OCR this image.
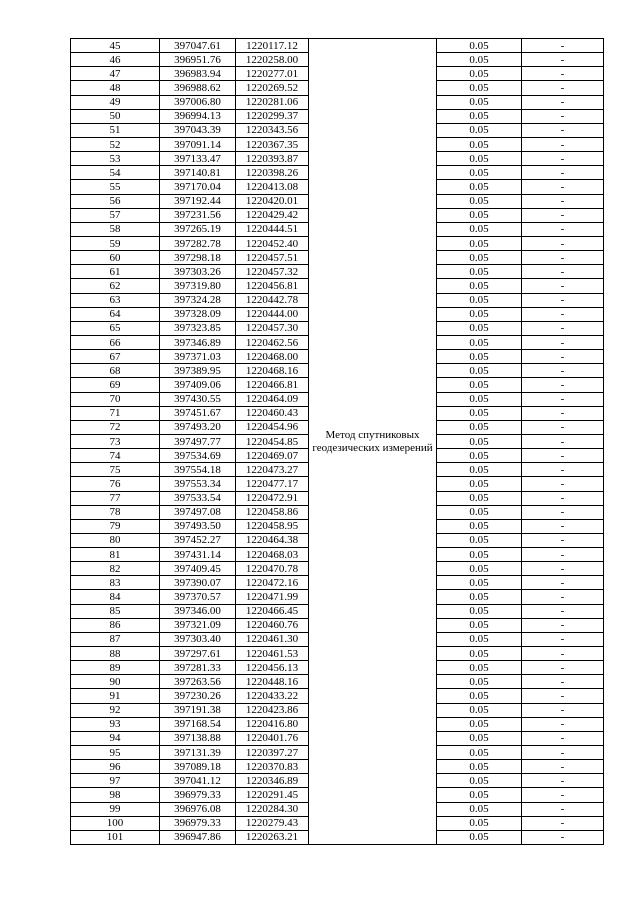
45	397047.61	1220117.12	Метод спутниковых геодезических измерений	0.05	-
46	396951.76	1220258.00		0.05	-
47	396983.94	1220277.01		0.05	-
48	396988.62	1220269.52		0.05	-
49	397006.80	1220281.06		0.05	-
50	396994.13	1220299.37		0.05	-
51	397043.39	1220343.56		0.05	-
52	397091.14	1220367.35		0.05	-
53	397133.47	1220393.87		0.05	-
54	397140.81	1220398.26		0.05	-
55	397170.04	1220413.08		0.05	-
56	397192.44	1220420.01		0.05	-
57	397231.56	1220429.42		0.05	-
58	397265.19	1220444.51		0.05	-
59	397282.78	1220452.40		0.05	-
60	397298.18	1220457.51		0.05	-
61	397303.26	1220457.32		0.05	-
62	397319.80	1220456.81		0.05	-
63	397324.28	1220442.78		0.05	-
64	397328.09	1220444.00		0.05	-
65	397323.85	1220457.30		0.05	-
66	397346.89	1220462.56		0.05	-
67	397371.03	1220468.00		0.05	-
68	397389.95	1220468.16		0.05	-
69	397409.06	1220466.81		0.05	-
70	397430.55	1220464.09		0.05	-
71	397451.67	1220460.43		0.05	-
72	397493.20	1220454.96		0.05	-
73	397497.77	1220454.85		0.05	-
74	397534.69	1220469.07		0.05	-
75	397554.18	1220473.27		0.05	-
76	397553.34	1220477.17		0.05	-
77	397533.54	1220472.91		0.05	-
78	397497.08	1220458.86		0.05	-
79	397493.50	1220458.95		0.05	-
80	397452.27	1220464.38		0.05	-
81	397431.14	1220468.03		0.05	-
82	397409.45	1220470.78		0.05	-
83	397390.07	1220472.16		0.05	-
84	397370.57	1220471.99		0.05	-
85	397346.00	1220466.45		0.05	-
86	397321.09	1220460.76		0.05	-
87	397303.40	1220461.30		0.05	-
88	397297.61	1220461.53		0.05	-
89	397281.33	1220456.13		0.05	-
90	397263.56	1220448.16		0.05	-
91	397230.26	1220433.22		0.05	-
92	397191.38	1220423.86		0.05	-
93	397168.54	1220416.80		0.05	-
94	397138.88	1220401.76		0.05	-
95	397131.39	1220397.27		0.05	-
96	397089.18	1220370.83		0.05	-
97	397041.12	1220346.89		0.05	-
98	396979.33	1220291.45		0.05	-
99	396976.08	1220284.30		0.05	-
100	396979.33	1220279.43		0.05	-
101	396947.86	1220263.21		0.05	-
